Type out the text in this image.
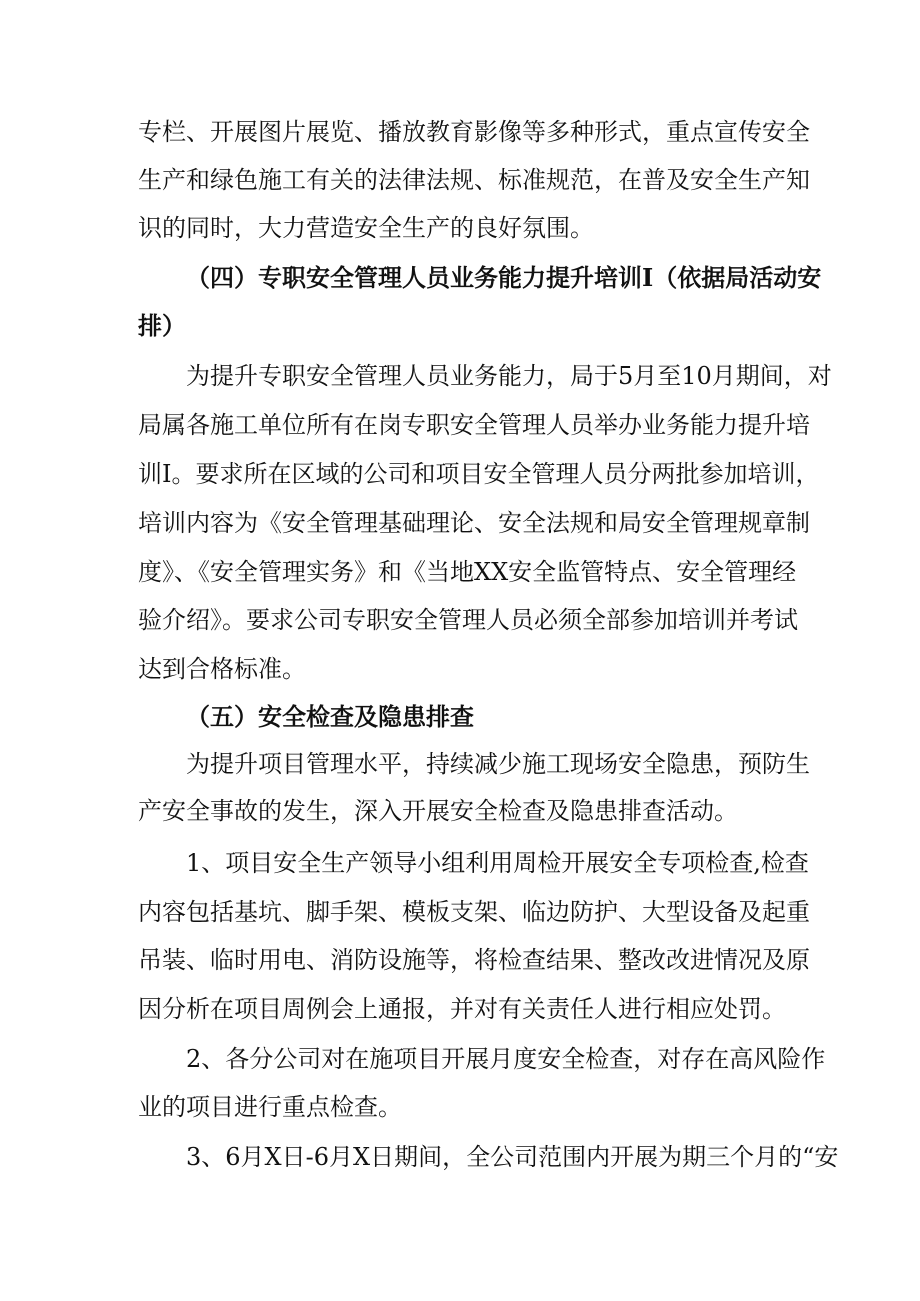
专栏、开展图片展览、播放教育影像等多种形式，重点宣传安全
生产和绿色施工有关的法律法规、标准规范，在普及安全生产知
识的同时，大力营造安全生产的良好氛围。
（四）专职安全管理人员业务能力提升培训Ⅰ（依据局活动安
排）
为提升专职安全管理人员业务能力，局于5月至10月期间，对
局属各施工单位所有在岗专职安全管理人员举办业务能力提升培
训Ⅰ。要求所在区域的公司和项目安全管理人员分两批参加培训，
培训内容为《安全管理基础理论、安全法规和局安全管理规章制
度》、《安全管理实务》和《当地XX安全监管特点、安全管理经
验介绍》。要求公司专职安全管理人员必须全部参加培训并考试
达到合格标准。
（五）安全检查及隐患排查
为提升项目管理水平，持续减少施工现场安全隐患，预防生
产安全事故的发生，深入开展安全检查及隐患排查活动。
1、项目安全生产领导小组利用周检开展安全专项检查,检查
内容包括基坑、脚手架、模板支架、临边防护、大型设备及起重
吊装、临时用电、消防设施等，将检查结果、整改改进情况及原
因分析在项目周例会上通报，并对有关责任人进行相应处罚。
2、各分公司对在施项目开展月度安全检查，对存在高风险作
业的项目进行重点检查。
3、6月X日-6月X日期间，全公司范围内开展为期三个月的“安
